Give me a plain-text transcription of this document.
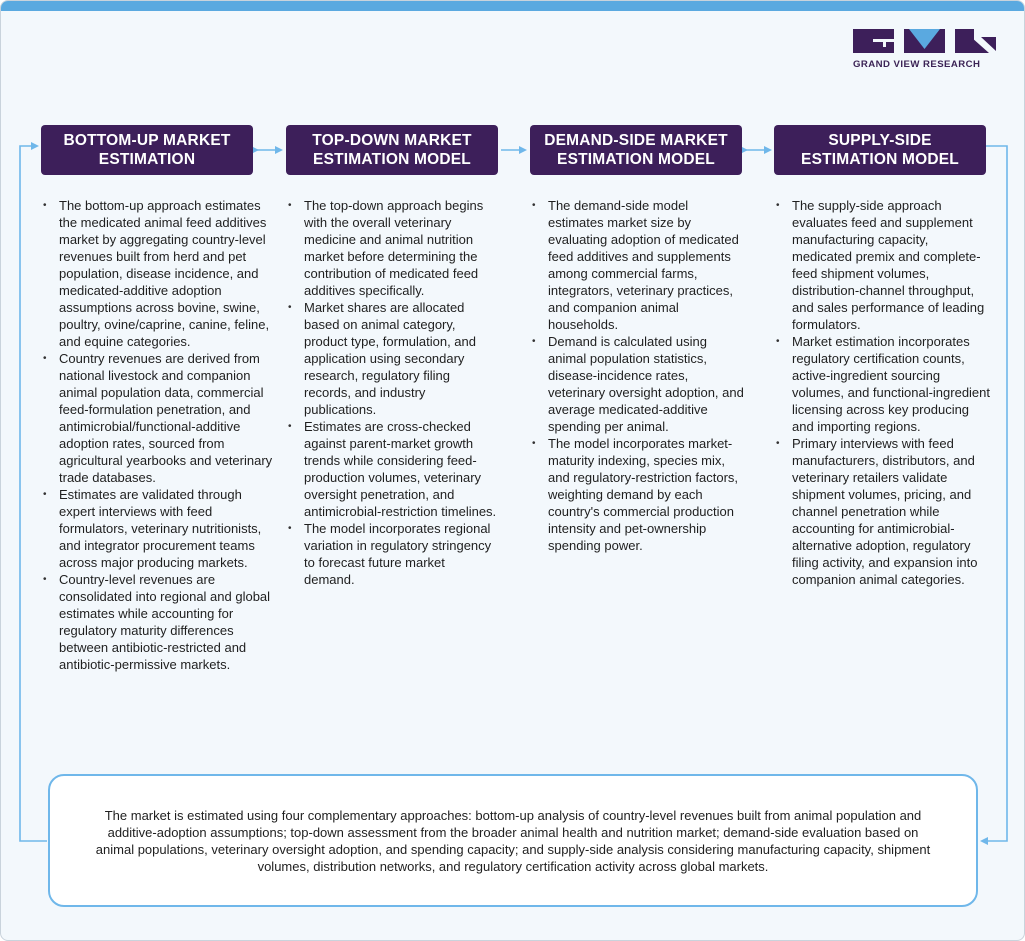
GRAND VIEW RESEARCH
BOTTOM-UP MARKET
ESTIMATION
TOP-DOWN MARKET
ESTIMATION MODEL
DEMAND-SIDE MARKET
ESTIMATION MODEL
SUPPLY-SIDE
ESTIMATION MODEL
• The bottom-up approach estimates the medicated animal feed additives market by aggregating country-level revenues built from herd and pet population, disease incidence, and medicated-additive adoption assumptions across bovine, swine, poultry, ovine/caprine, canine, feline, and equine categories.
• Country revenues are derived from national livestock and companion animal population data, commercial feed-formulation penetration, and antimicrobial/functional-additive adoption rates, sourced from agricultural yearbooks and veterinary trade databases.
• Estimates are validated through expert interviews with feed formulators, veterinary nutritionists, and integrator procurement teams across major producing markets.
• Country-level revenues are consolidated into regional and global estimates while accounting for regulatory maturity differences between antibiotic-restricted and antibiotic-permissive markets.
• The top-down approach begins with the overall veterinary medicine and animal nutrition market before determining the contribution of medicated feed additives specifically.
• Market shares are allocated based on animal category, product type, formulation, and application using secondary research, regulatory filing records, and industry publications.
• Estimates are cross-checked against parent-market growth trends while considering feed-production volumes, veterinary oversight penetration, and antimicrobial-restriction timelines.
• The model incorporates regional variation in regulatory stringency to forecast future market demand.
• The demand-side model estimates market size by evaluating adoption of medicated feed additives and supplements among commercial farms, integrators, veterinary practices, and companion animal households.
• Demand is calculated using animal population statistics, disease-incidence rates, veterinary oversight adoption, and average medicated-additive spending per animal.
• The model incorporates market-maturity indexing, species mix, and regulatory-restriction factors, weighting demand by each country's commercial production intensity and pet-ownership spending power.
• The supply-side approach evaluates feed and supplement manufacturing capacity, medicated premix and complete-feed shipment volumes, distribution-channel throughput, and sales performance of leading formulators.
• Market estimation incorporates regulatory certification counts, active-ingredient sourcing volumes, and functional-ingredient licensing across key producing and importing regions.
• Primary interviews with feed manufacturers, distributors, and veterinary retailers validate shipment volumes, pricing, and channel penetration while accounting for antimicrobial-alternative adoption, regulatory filing activity, and expansion into companion animal categories.
The market is estimated using four complementary approaches: bottom-up analysis of country-level revenues built from animal population and additive-adoption assumptions; top-down assessment from the broader animal health and nutrition market; demand-side evaluation based on animal populations, veterinary oversight adoption, and spending capacity; and supply-side analysis considering manufacturing capacity, shipment volumes, distribution networks, and regulatory certification activity across global markets.
